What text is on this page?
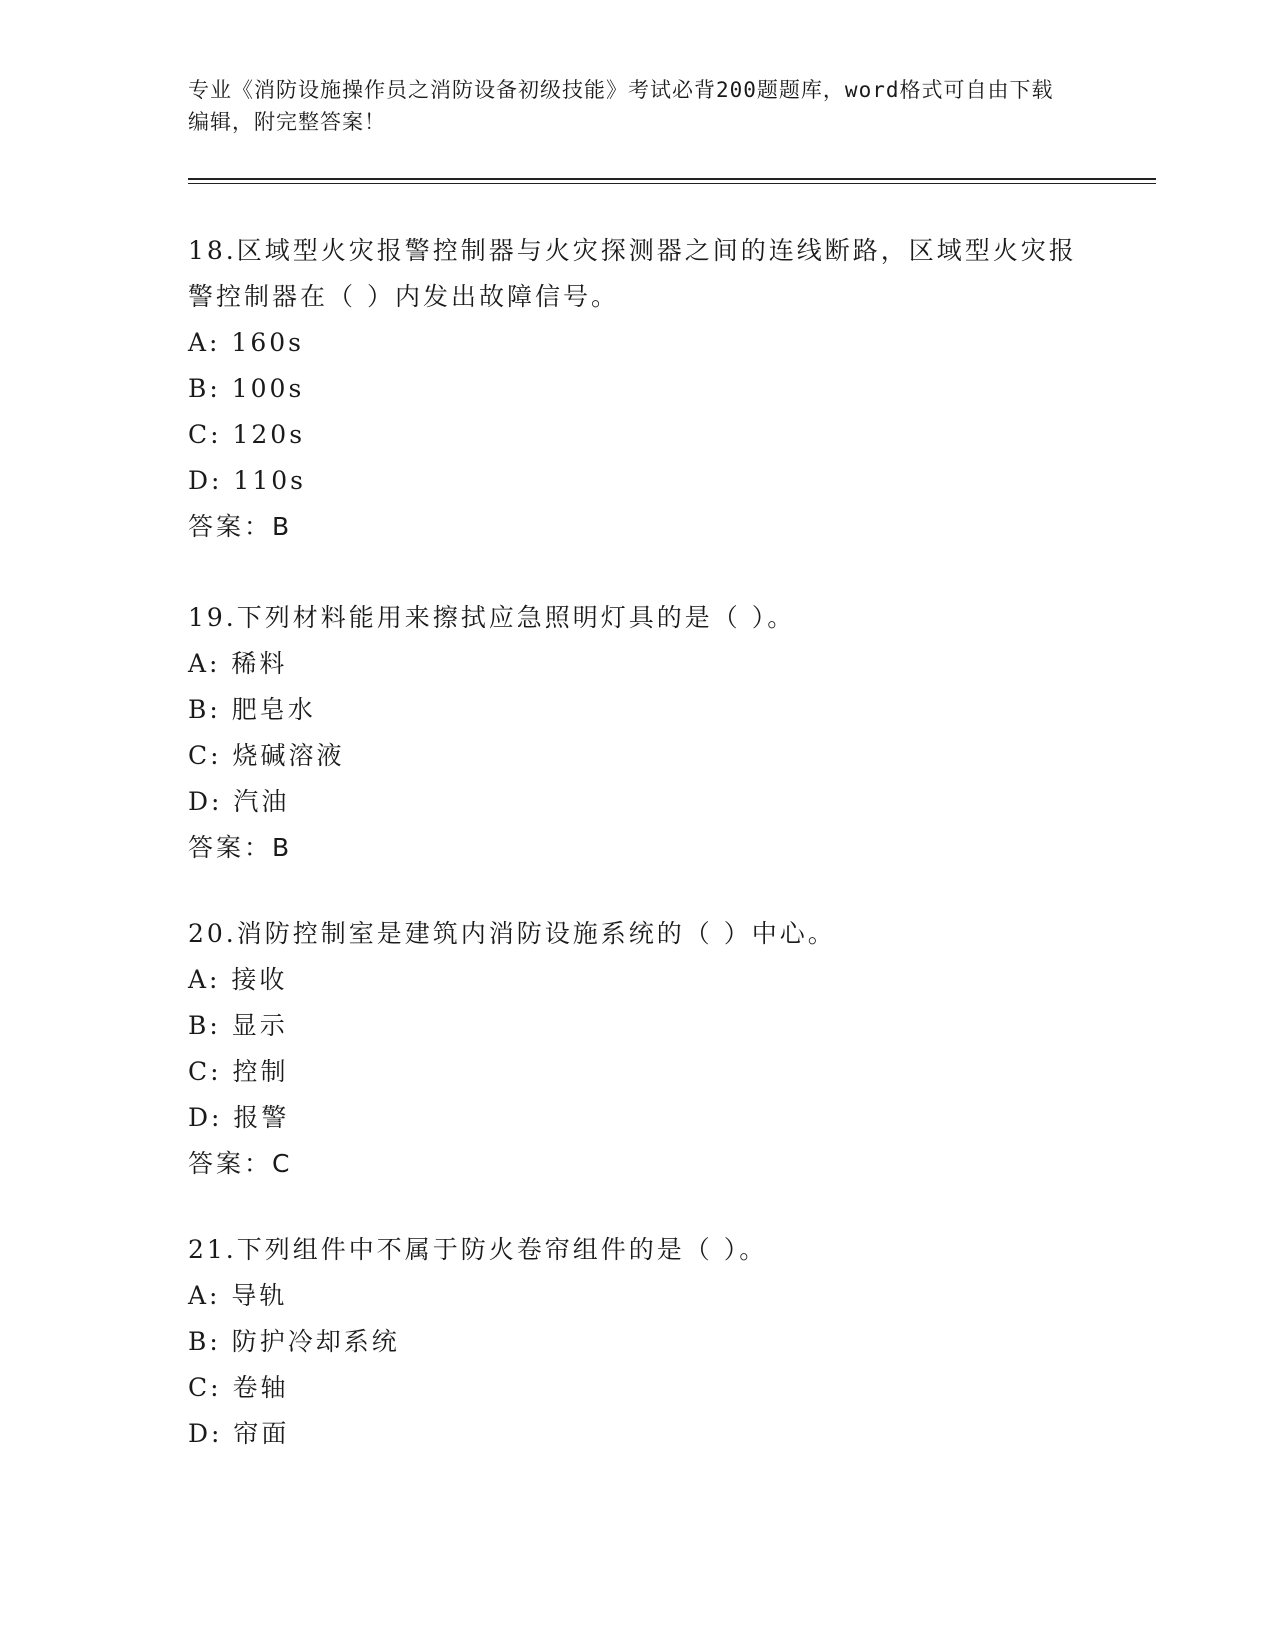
专业《消防设施操作员之消防设备初级技能》考试必背200题题库，word格式可自由下载编辑，附完整答案！
18.区域型火灾报警控制器与火灾探测器之间的连线断路，区域型火灾报警控制器在（ ）内发出故障信号。
A: 160s
B: 100s
C: 120s
D: 110s
答案：B
19.下列材料能用来擦拭应急照明灯具的是（ ）。
A: 稀料
B: 肥皂水
C: 烧碱溶液
D: 汽油
答案：B
20.消防控制室是建筑内消防设施系统的（ ）中心。
A: 接收
B: 显示
C: 控制
D: 报警
答案：C
21.下列组件中不属于防火卷帘组件的是（ ）。
A: 导轨
B: 防护冷却系统
C: 卷轴
D: 帘面
